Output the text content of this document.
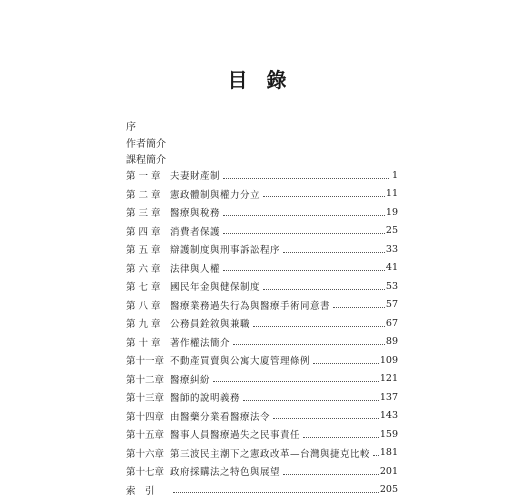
目 錄
序
作者簡介
課程簡介
第 一 章 夫妻財產制	1
第 二 章 憲政體制與權力分立	11
第 三 章 醫療與稅務	19
第 四 章 消費者保護	25
第 五 章 辯護制度與刑事訴訟程序	33
第 六 章 法律與人權	41
第 七 章 國民年金與健保制度	53
第 八 章 醫療業務過失行為與醫療手術同意書	57
第 九 章 公務員銓敘與兼職	67
第 十 章 著作權法簡介	89
第十一章 不動產買賣與公寓大廈管理條例	109
第十二章 醫療糾紛	121
第十三章 醫師的說明義務	137
第十四章 由醫藥分業看醫療法令	143
第十五章 醫事人員醫療過失之民事責任	159
第十六章 第三波民主潮下之憲政改革—台灣與捷克比較 181
第十七章 政府採購法之特色與展望	201
索　引	205
